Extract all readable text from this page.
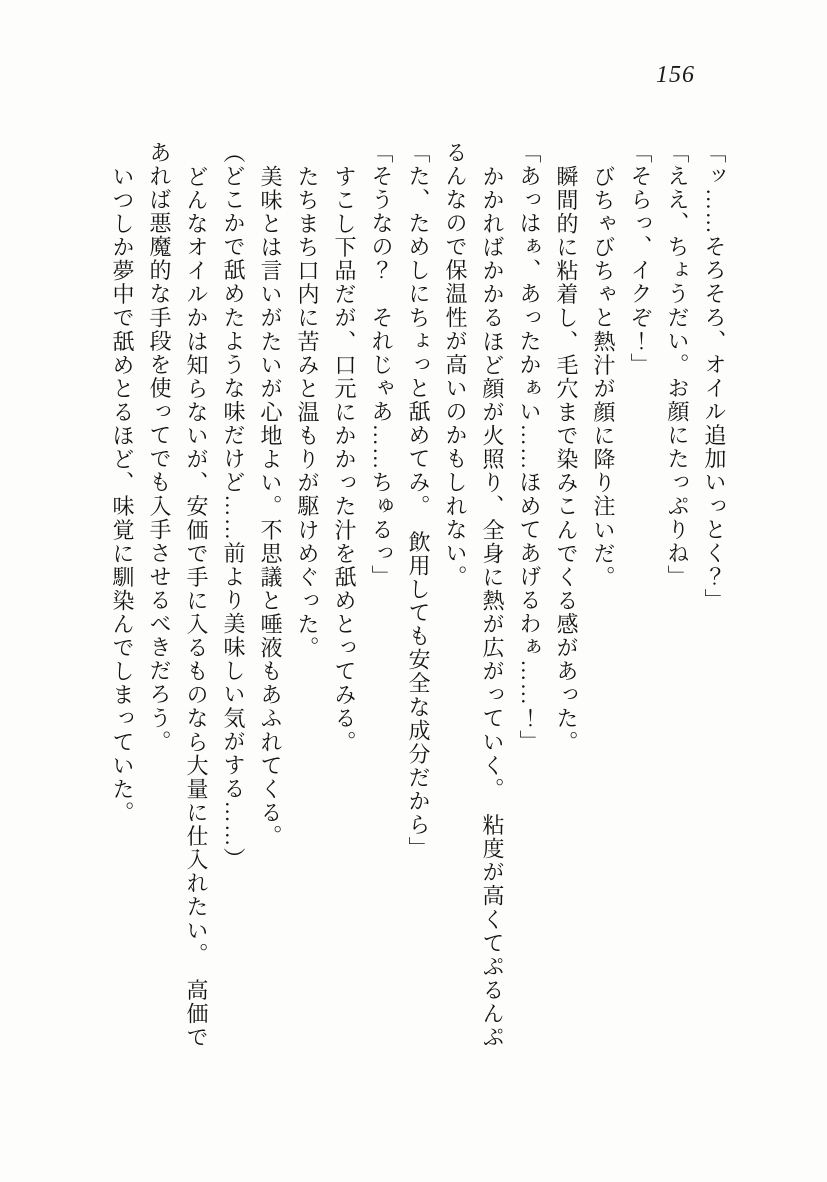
156

「ッ……そろそろ、オイル追加いっとく？」

「ええ、ちょうだい。お顔にたっぷりね」

「そらっ、イクぞ！」

びちゃびちゃと熱汁が顔に降り注いだ。

瞬間的に粘着し、毛穴まで染みこんでくる感があった。

「あっはぁ、あったかぁい……ほめてあげるわぁ……！」

かかればかかるほど顔が火照り、全身に熱が広がっていく。　粘度が高くてぷるんぷるんなので保温性が高いのかもしれない。

「た、ためしにちょっと舐めてみ。　飲用しても安全な成分だから」

「そうなの？　それじゃあ……ちゅるっ」

すこし下品だが、口元にかかった汁を舐めとってみる。

たちまち口内に苦みと温もりが駆けめぐった。

美味とは言いがたいが心地よい。不思議と唾液もあふれてくる。

（どこかで舐めたような味だけど……前より美味しい気がする……）

どんなオイルかは知らないが、安価で手に入るものなら大量に仕入れたい。　高価であれば悪魔的な手段を使ってでも入手させるべきだろう。

いつしか夢中で舐めとるほど、味覚に馴染んでしまっていた。
